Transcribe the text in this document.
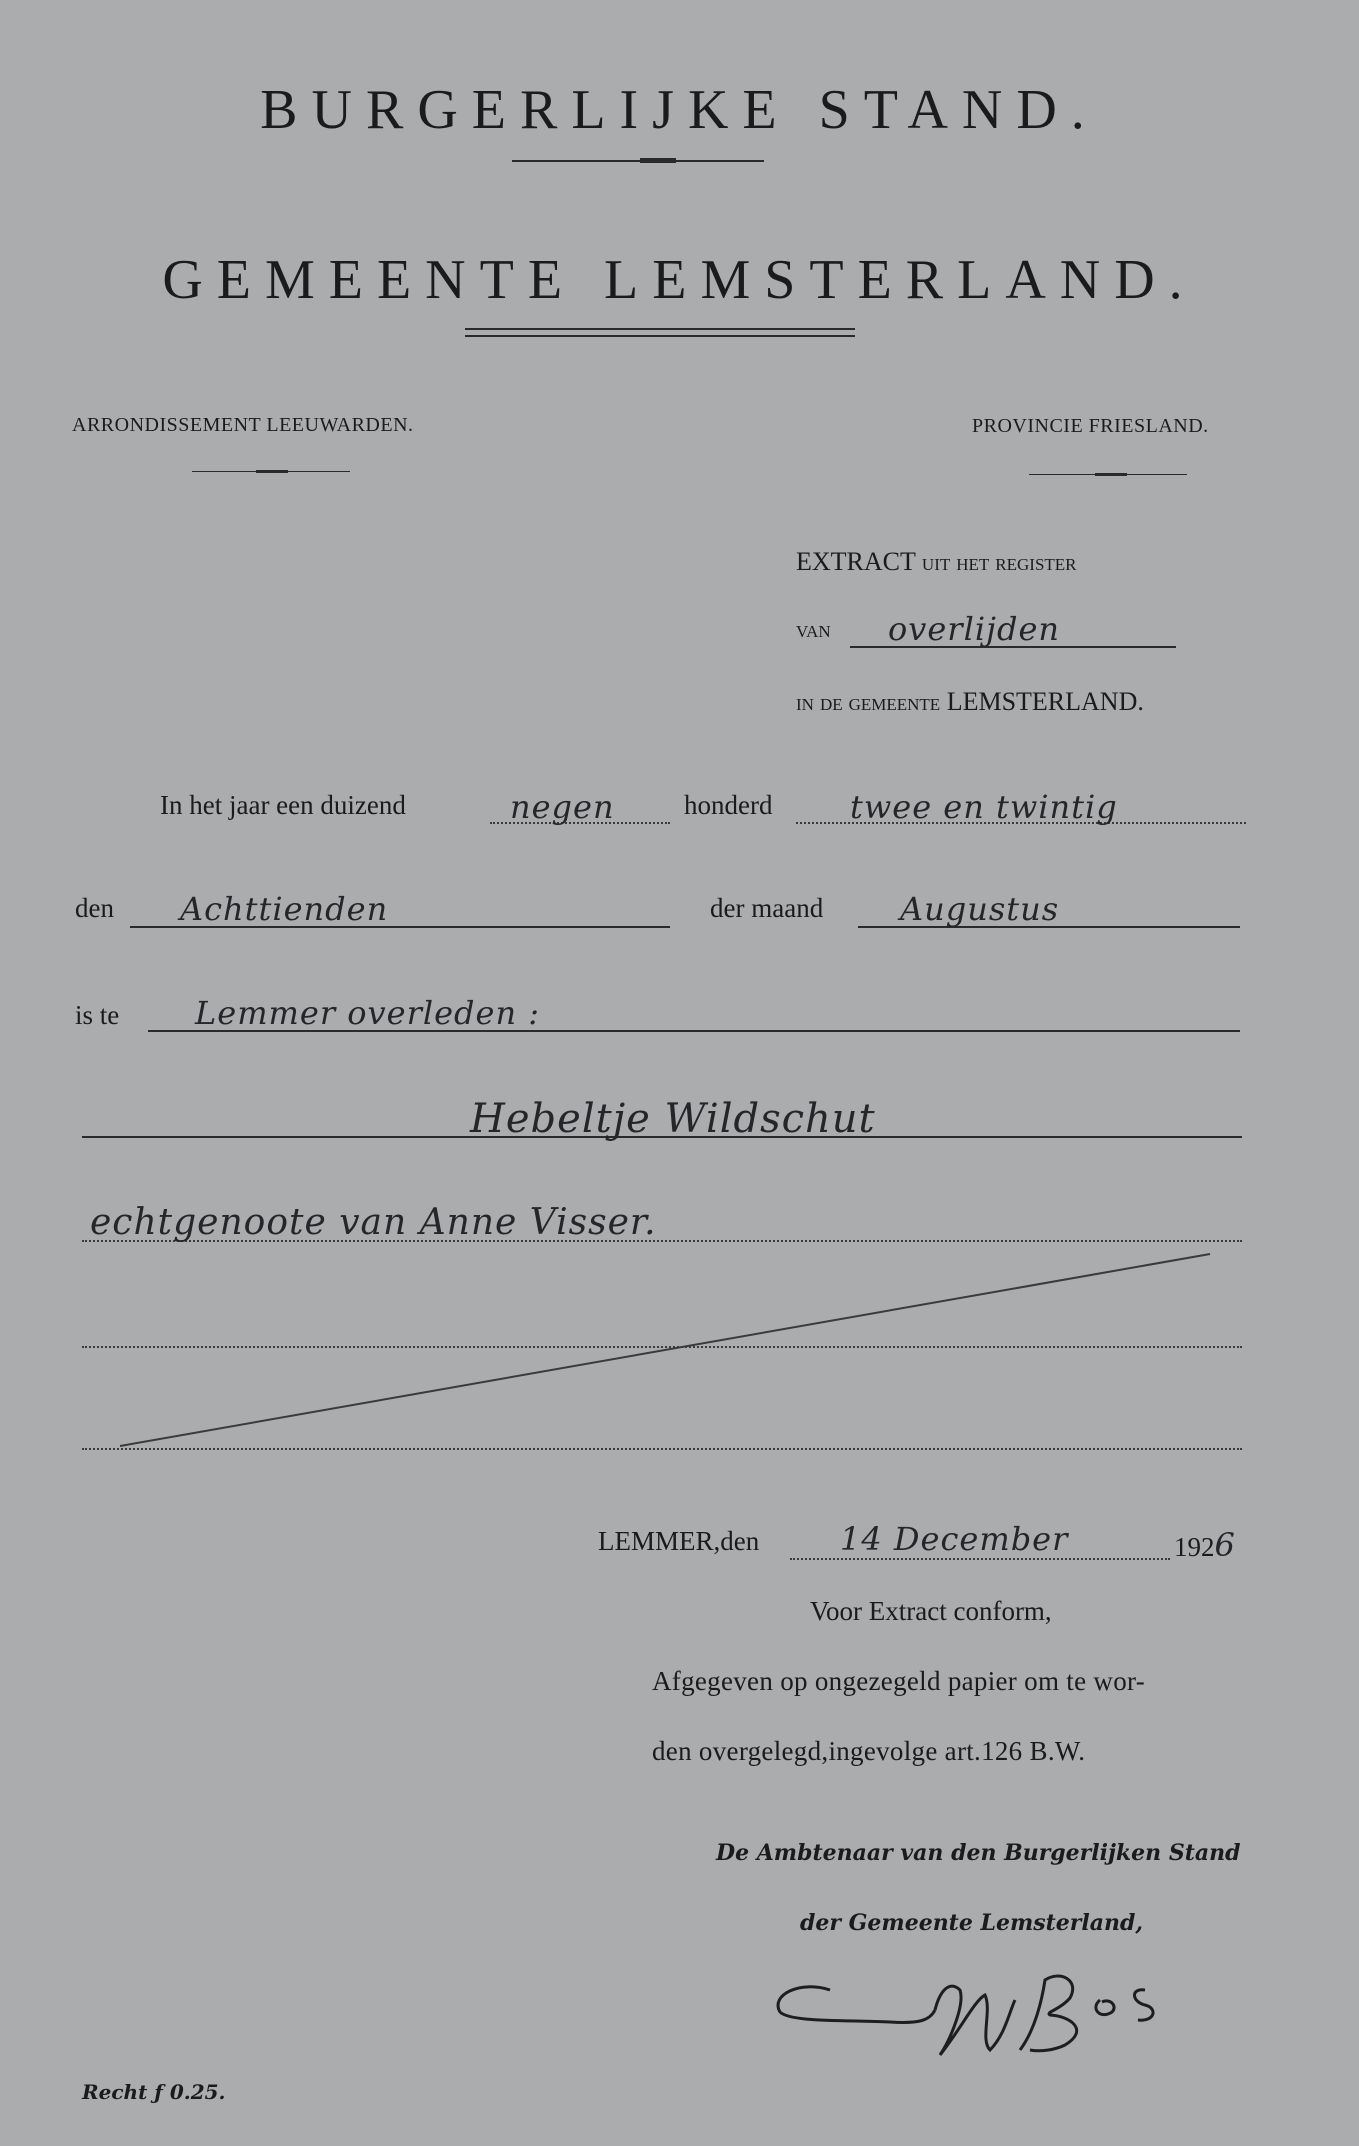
BURGERLIJKE STAND.
GEMEENTE LEMSTERLAND.
ARRONDISSEMENT LEEUWARDEN.	PROVINCIE FRIESLAND.
EXTRACT uit het register
van overlijden
in de gemeente LEMSTERLAND.
In het jaar een duizend	negen	honderd twee en twintig
den Achttienden	der maand Augustus
is te Lemmer overleden :
Hebeltje Wildschut
echtgenoote van Anne Visser.
LEMMER,den	14 December	1926
Voor Extract conform,
Afgegeven op ongezegeld papier om te wor-
den overgelegd,ingevolge art.126 B.W.
De Ambtenaar van den Burgerlijken Stand
der Gemeente Lemsterland,
Recht ƒ 0.25.
